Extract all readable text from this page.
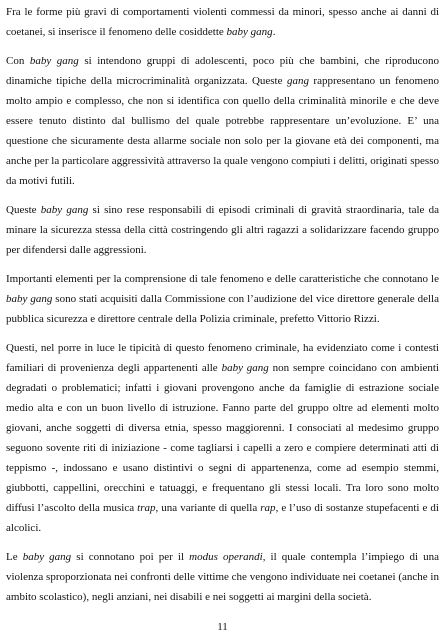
Fra le forme più gravi di comportamenti violenti commessi da minori, spesso anche ai danni di coetanei, si inserisce il fenomeno delle cosiddette baby gang.
Con baby gang si intendono gruppi di adolescenti, poco più che bambini, che riproducono dinamiche tipiche della microcriminalità organizzata. Queste gang rappresentano un fenomeno molto ampio e complesso, che non si identifica con quello della criminalità minorile e che deve essere tenuto distinto dal bullismo del quale potrebbe rappresentare un’evoluzione. E’ una questione che sicuramente desta allarme sociale non solo per la giovane età dei componenti, ma anche per la particolare aggressività attraverso la quale vengono compiuti i delitti, originati spesso da motivi futili.
Queste baby gang si sino rese responsabili di episodi criminali di gravità straordinaria, tale da minare la sicurezza stessa della città costringendo gli altri ragazzi a solidarizzare facendo gruppo per difendersi dalle aggressioni.
Importanti elementi per la comprensione di tale fenomeno e delle caratteristiche che connotano le baby gang sono stati acquisiti dalla Commissione con l’audizione del vice direttore generale della pubblica sicurezza e direttore centrale della Polizia criminale, prefetto Vittorio Rizzi.
Questi, nel porre in luce le tipicità di questo fenomeno criminale, ha evidenziato come i contesti familiari di provenienza degli appartenenti alle baby gang non sempre coincidano con ambienti degradati o problematici; infatti i giovani provengono anche da famiglie di estrazione sociale medio alta e con un buon livello di istruzione. Fanno parte del gruppo oltre ad elementi molto giovani, anche soggetti di diversa etnia, spesso maggiorenni. I consociati al medesimo gruppo seguono sovente riti di iniziazione - come tagliarsi i capelli a zero e compiere determinati atti di teppismo -, indossano e usano distintivi o segni di appartenenza, come ad esempio stemmi, giubbotti, cappellini, orecchini e tatuaggi, e frequentano gli stessi locali. Tra loro sono molto diffusi l’ascolto della musica trap, una variante di quella rap, e l’uso di sostanze stupefacenti e di alcolici.
Le baby gang si connotano poi per il modus operandi, il quale contempla l’impiego di una violenza sproporzionata nei confronti delle vittime che vengono individuate nei coetanei (anche in ambito scolastico), negli anziani, nei disabili e nei soggetti ai margini della società.
11
